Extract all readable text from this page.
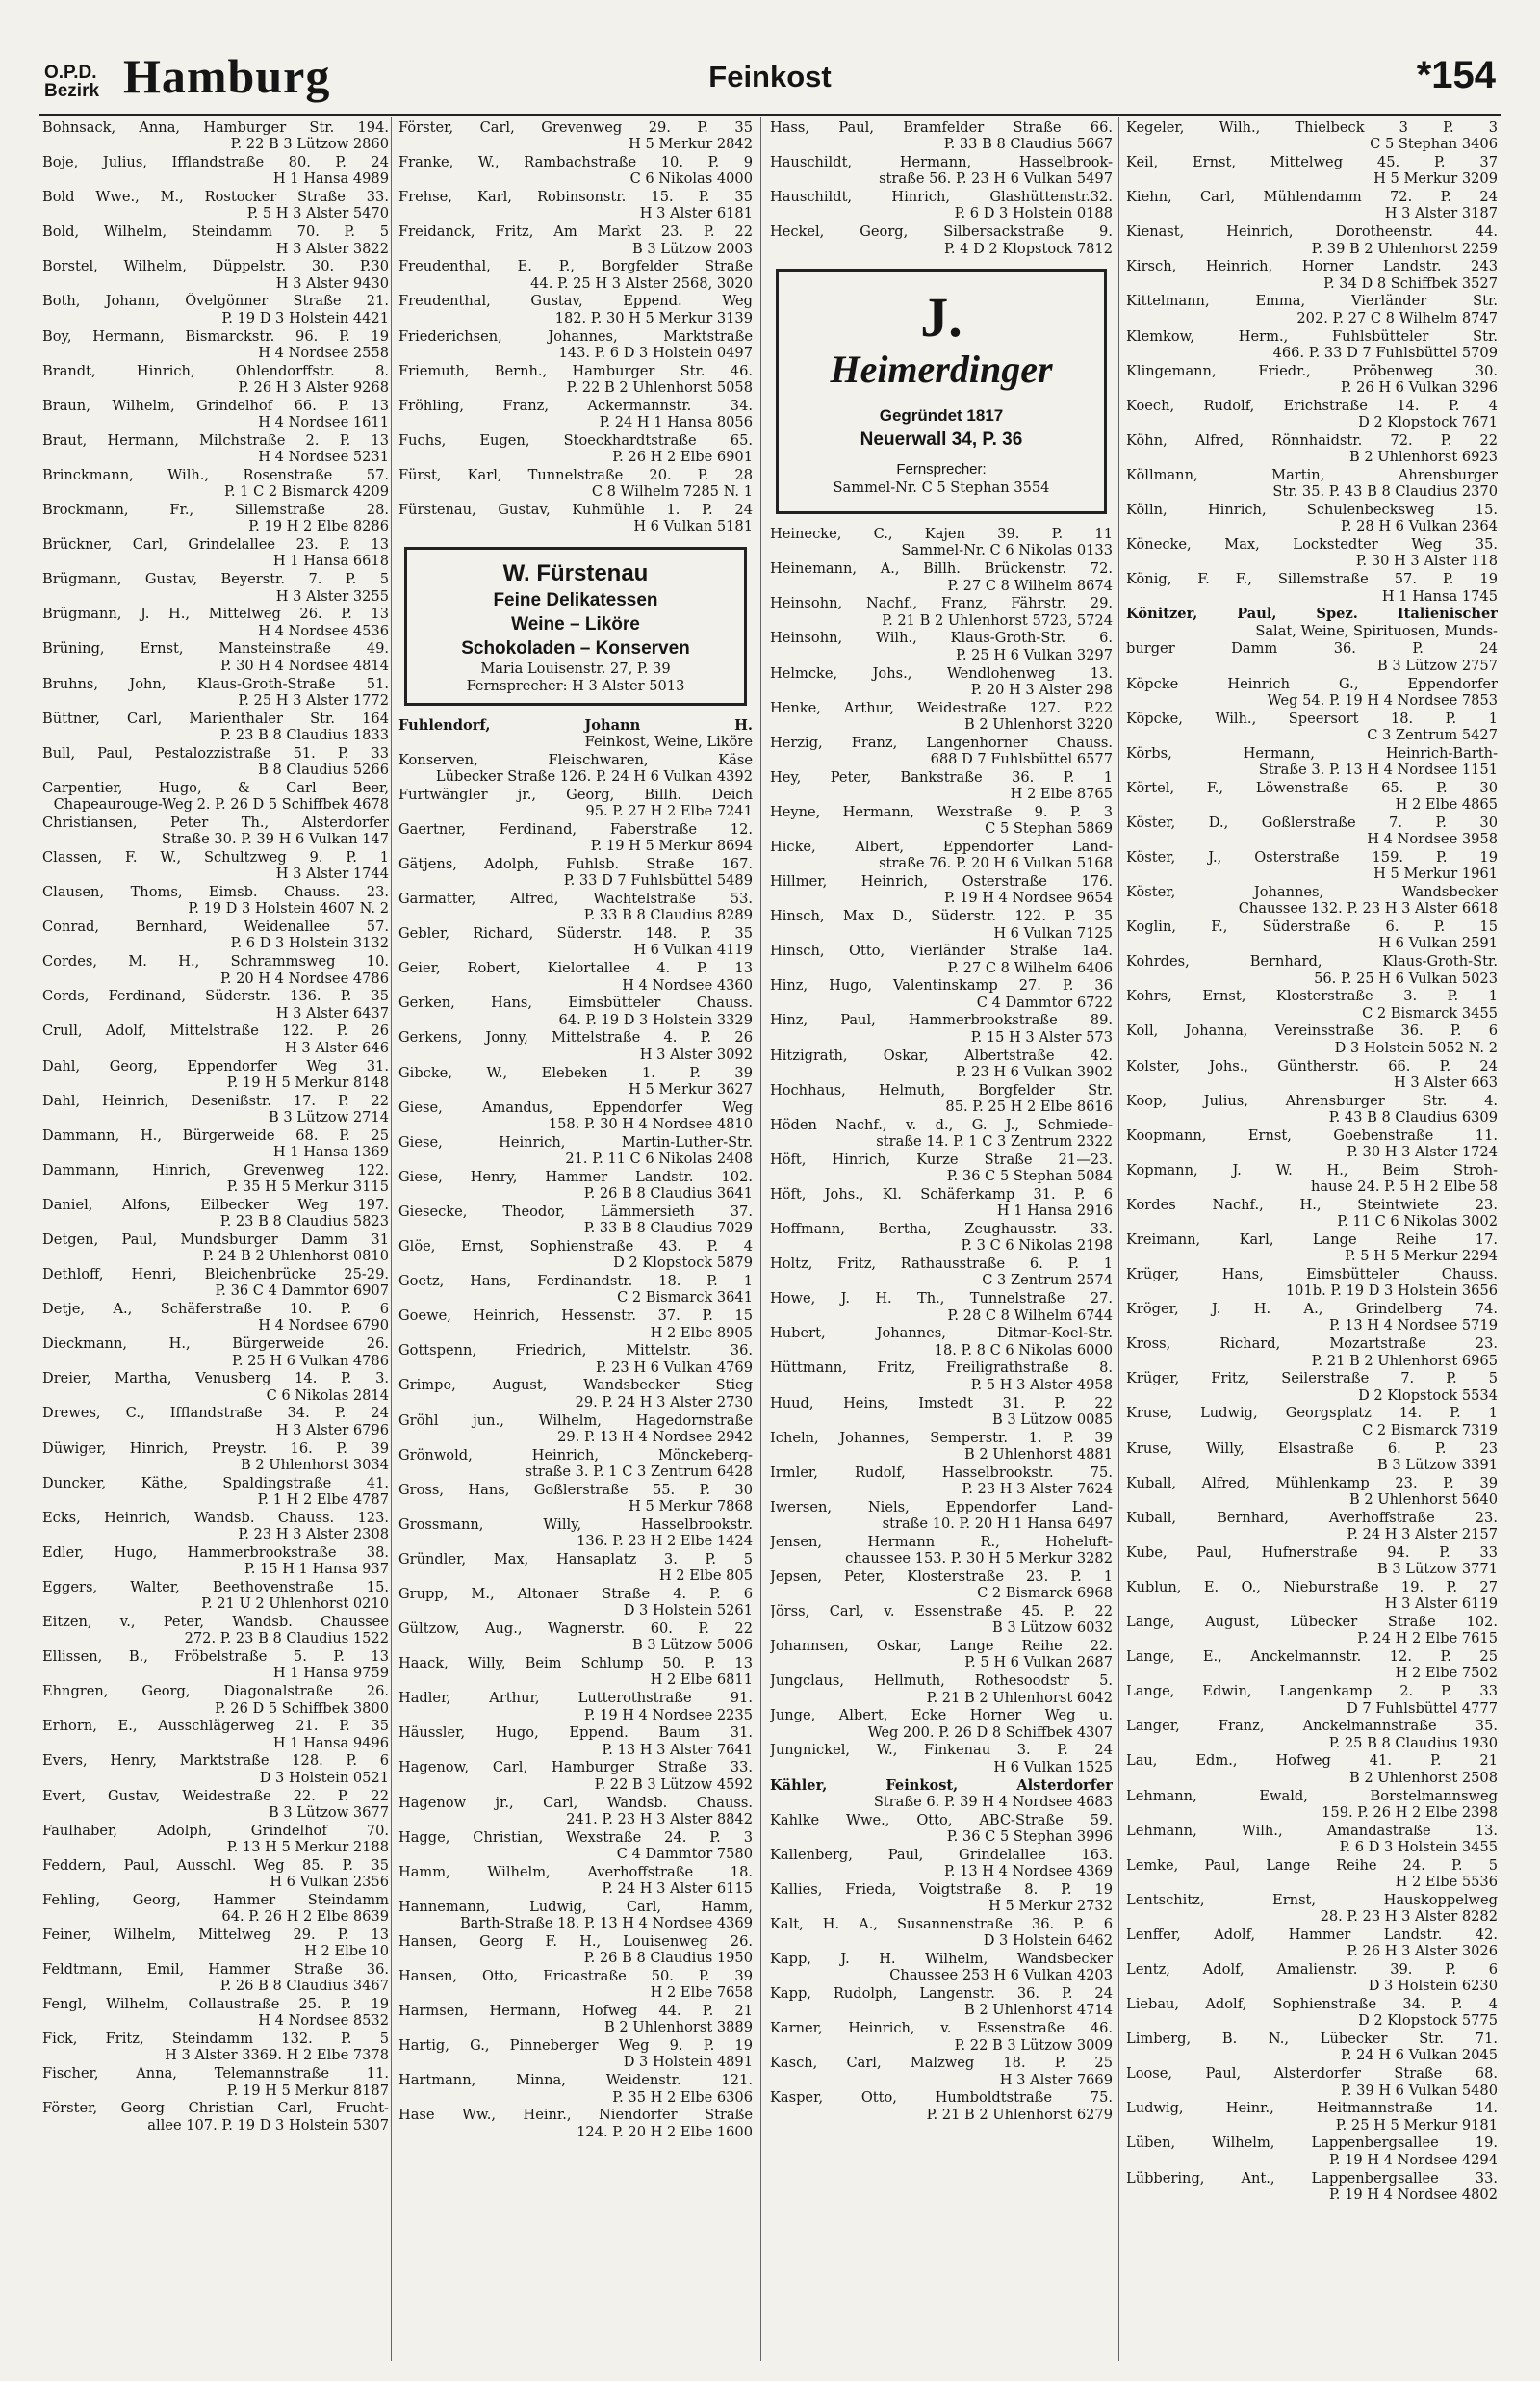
O.P.D.
Bezirk Hamburg	Feinkost	*154
Bohnsack, Anna, Hamburger Str. 194.
P. 22 B 3 Lützow 2860
Boje, Julius, Ifflandstraße 80. P. 24
H 1 Hansa 4989
Bold Wwe., M., Rostocker Straße 33.
P. 5 H 3 Alster 5470
Bold, Wilhelm, Steindamm 70. P. 5
H 3 Alster 3822
Borstel, Wilhelm, Düppelstr. 30. P.30
H 3 Alster 9430
Both, Johann, Övelgönner Straße 21.
P. 19 D 3 Holstein 4421
Boy, Hermann, Bismarckstr. 96. P. 19
H 4 Nordsee 2558
Brandt, Hinrich, Ohlendorffstr. 8.
P. 26 H 3 Alster 9268
Braun, Wilhelm, Grindelhof 66. P. 13
H 4 Nordsee 1611
Braut, Hermann, Milchstraße 2. P. 13
H 4 Nordsee 5231
Brinckmann, Wilh., Rosenstraße 57.
P. 1 C 2 Bismarck 4209
Brockmann, Fr., Sillemstraße 28.
P. 19 H 2 Elbe 8286
Brückner, Carl, Grindelallee 23. P. 13
H 1 Hansa 6618
Brügmann, Gustav, Beyerstr. 7. P. 5
H 3 Alster 3255
Brügmann, J. H., Mittelweg 26. P. 13
H 4 Nordsee 4536
Brüning, Ernst, Mansteinstraße 49.
P. 30 H 4 Nordsee 4814
Bruhns, John, Klaus-Groth-Straße 51.
P. 25 H 3 Alster 1772
Büttner, Carl, Marienthaler Str. 164
P. 23 B 8 Claudius 1833
Bull, Paul, Pestalozzistraße 51. P. 33
B 8 Claudius 5266
Carpentier, Hugo, & Carl Beer,
Chapeaurouge-Weg 2. P. 26 D 5 Schiffbek 4678
Christiansen, Peter Th., Alsterdorfer
Straße 30. P. 39 H 6 Vulkan 147
Classen, F. W., Schultzweg 9. P. 1
H 3 Alster 1744
Clausen, Thoms, Eimsb. Chauss. 23.
P. 19 D 3 Holstein 4607 N. 2
Conrad, Bernhard, Weidenallee 57.
P. 6 D 3 Holstein 3132
Cordes, M. H., Schrammsweg 10.
P. 20 H 4 Nordsee 4786
Cords, Ferdinand, Süderstr. 136. P. 35
H 3 Alster 6437
Crull, Adolf, Mittelstraße 122. P. 26
H 3 Alster 646
Dahl, Georg, Eppendorfer Weg 31.
P. 19 H 5 Merkur 8148
Dahl, Heinrich, Desenißstr. 17. P. 22
B 3 Lützow 2714
Dammann, H., Bürgerweide 68. P. 25
H 1 Hansa 1369
Dammann, Hinrich, Grevenweg 122.
P. 35 H 5 Merkur 3115
Daniel, Alfons, Eilbecker Weg 197.
P. 23 B 8 Claudius 5823
Detgen, Paul, Mundsburger Damm 31
P. 24 B 2 Uhlenhorst 0810
Dethloff, Henri, Bleichenbrücke 25-29.
P. 36 C 4 Dammtor 6907
Detje, A., Schäferstraße 10. P. 6
H 4 Nordsee 6790
Dieckmann, H., Bürgerweide 26.
P. 25 H 6 Vulkan 4786
Dreier, Martha, Venusberg 14. P. 3.
C 6 Nikolas 2814
Drewes, C., Ifflandstraße 34. P. 24
H 3 Alster 6796
Düwiger, Hinrich, Preystr. 16. P. 39
B 2 Uhlenhorst 3034
Duncker, Käthe, Spaldingstraße 41.
P. 1 H 2 Elbe 4787
Ecks, Heinrich, Wandsb. Chauss. 123.
P. 23 H 3 Alster 2308
Edler, Hugo, Hammerbrookstraße 38.
P. 15 H 1 Hansa 937
Eggers, Walter, Beethovenstraße 15.
P. 21 U 2 Uhlenhorst 0210
Eitzen, v., Peter, Wandsb. Chaussee
272. P. 23 B 8 Claudius 1522
Ellissen, B., Fröbelstraße 5. P. 13
H 1 Hansa 9759
Ehngren, Georg, Diagonalstraße 26.
P. 26 D 5 Schiffbek 3800
Erhorn, E., Ausschlägerweg 21. P. 35
H 1 Hansa 9496
Evers, Henry, Marktstraße 128. P. 6
D 3 Holstein 0521
Evert, Gustav, Weidestraße 22. P. 22
B 3 Lützow 3677
Faulhaber, Adolph, Grindelhof 70.
P. 13 H 5 Merkur 2188
Feddern, Paul, Ausschl. Weg 85. P. 35
H 6 Vulkan 2356
Fehling, Georg, Hammer Steindamm
64. P. 26 H 2 Elbe 8639
Feiner, Wilhelm, Mittelweg 29. P. 13
H 2 Elbe 10
Feldtmann, Emil, Hammer Straße 36.
P. 26 B 8 Claudius 3467
Fengl, Wilhelm, Collaustraße 25. P. 19
H 4 Nordsee 8532
Fick, Fritz, Steindamm 132. P. 5
H 3 Alster 3369. H 2 Elbe 7378
Fischer, Anna, Telemannstraße 11.
P. 19 H 5 Merkur 8187
Förster, Georg Christian Carl, Frucht-
allee 107. P. 19 D 3 Holstein 5307
Förster, Carl, Grevenweg 29. P. 35
H 5 Merkur 2842
Franke, W., Rambachstraße 10. P. 9
C 6 Nikolas 4000
Frehse, Karl, Robinsonstr. 15. P. 35
H 3 Alster 6181
Freidanck, Fritz, Am Markt 23. P. 22
B 3 Lützow 2003
Freudenthal, E. P., Borgfelder Straße
44. P. 25 H 3 Alster 2568, 3020
Freudenthal, Gustav, Eppend. Weg
182. P. 30 H 5 Merkur 3139
Friederichsen, Johannes, Marktstraße
143. P. 6 D 3 Holstein 0497
Friemuth, Bernh., Hamburger Str. 46.
P. 22 B 2 Uhlenhorst 5058
Fröhling, Franz, Ackermannstr. 34.
P. 24 H 1 Hansa 8056
Fuchs, Eugen, Stoeckhardtstraße 65.
P. 26 H 2 Elbe 6901
Fürst, Karl, Tunnelstraße 20. P. 28
C 8 Wilhelm 7285 N. 1
Fürstenau, Gustav, Kuhmühle 1. P. 24
H 6 Vulkan 5181
W. Fürstenau
Feine Delikatessen
Weine – Liköre
Schokoladen – Konserven
Maria Louisenstr. 27, P. 39
Fernsprecher: H 3 Alster 5013
Fuhlendorf, Johann H.
Feinkost, Weine, Liköre
Konserven, Fleischwaren, Käse
Lübecker Straße 126. P. 24 H 6 Vulkan 4392
Furtwängler jr., Georg, Billh. Deich
95. P. 27 H 2 Elbe 7241
Gaertner, Ferdinand, Faberstraße 12.
P. 19 H 5 Merkur 8694
Gätjens, Adolph, Fuhlsb. Straße 167.
P. 33 D 7 Fuhlsbüttel 5489
Garmatter, Alfred, Wachtelstraße 53.
P. 33 B 8 Claudius 8289
Gebler, Richard, Süderstr. 148. P. 35
H 6 Vulkan 4119
Geier, Robert, Kielortallee 4. P. 13
H 4 Nordsee 4360
Gerken, Hans, Eimsbütteler Chauss.
64. P. 19 D 3 Holstein 3329
Gerkens, Jonny, Mittelstraße 4. P. 26
H 3 Alster 3092
Gibcke, W., Elebeken 1. P. 39
H 5 Merkur 3627
Giese, Amandus, Eppendorfer Weg
158. P. 30 H 4 Nordsee 4810
Giese, Heinrich, Martin-Luther-Str.
21. P. 11 C 6 Nikolas 2408
Giese, Henry, Hammer Landstr. 102.
P. 26 B 8 Claudius 3641
Giesecke, Theodor, Lämmersieth 37.
P. 33 B 8 Claudius 7029
Glöe, Ernst, Sophienstraße 43. P. 4
D 2 Klopstock 5879
Goetz, Hans, Ferdinandstr. 18. P. 1
C 2 Bismarck 3641
Goewe, Heinrich, Hessenstr. 37. P. 15
H 2 Elbe 8905
Gottspenn, Friedrich, Mittelstr. 36.
P. 23 H 6 Vulkan 4769
Grimpe, August, Wandsbecker Stieg
29. P. 24 H 3 Alster 2730
Gröhl jun., Wilhelm, Hagedornstraße
29. P. 13 H 4 Nordsee 2942
Grönwold, Heinrich, Mönckeberg-
straße 3. P. 1 C 3 Zentrum 6428
Gross, Hans, Goßlerstraße 55. P. 30
H 5 Merkur 7868
Grossmann, Willy, Hasselbrookstr.
136. P. 23 H 2 Elbe 1424
Gründler, Max, Hansaplatz 3. P. 5
H 2 Elbe 805
Grupp, M., Altonaer Straße 4. P. 6
D 3 Holstein 5261
Gültzow, Aug., Wagnerstr. 60. P. 22
B 3 Lützow 5006
Haack, Willy, Beim Schlump 50. P. 13
H 2 Elbe 6811
Hadler, Arthur, Lutterothstraße 91.
P. 19 H 4 Nordsee 2235
Häussler, Hugo, Eppend. Baum 31.
P. 13 H 3 Alster 7641
Hagenow, Carl, Hamburger Straße 33.
P. 22 B 3 Lützow 4592
Hagenow jr., Carl, Wandsb. Chauss.
241. P. 23 H 3 Alster 8842
Hagge, Christian, Wexstraße 24. P. 3
C 4 Dammtor 7580
Hamm, Wilhelm, Averhoffstraße 18.
P. 24 H 3 Alster 6115
Hannemann, Ludwig, Carl, Hamm,
Barth-Straße 18. P. 13 H 4 Nordsee 4369
Hansen, Georg F. H., Louisenweg 26.
P. 26 B 8 Claudius 1950
Hansen, Otto, Ericastraße 50. P. 39
H 2 Elbe 7658
Harmsen, Hermann, Hofweg 44. P. 21
B 2 Uhlenhorst 3889
Hartig, G., Pinneberger Weg 9. P. 19
D 3 Holstein 4891
Hartmann, Minna, Weidenstr. 121.
P. 35 H 2 Elbe 6306
Hase Ww., Heinr., Niendorfer Straße
124. P. 20 H 2 Elbe 1600
Hass, Paul, Bramfelder Straße 66.
P. 33 B 8 Claudius 5667
Hauschildt, Hermann, Hasselbrook-
straße 56. P. 23 H 6 Vulkan 5497
Hauschildt, Hinrich, Glashüttenstr.32.
P. 6 D 3 Holstein 0188
Heckel, Georg, Silbersackstraße 9.
P. 4 D 2 Klopstock 7812
J.
Heimerdinger
Gegründet 1817
Neuerwall 34, P. 36
Fernsprecher:
Sammel-Nr. C 5 Stephan 3554
Heinecke, C., Kajen 39. P. 11
Sammel-Nr. C 6 Nikolas 0133
Heinemann, A., Billh. Brückenstr. 72.
P. 27 C 8 Wilhelm 8674
Heinsohn, Nachf., Franz, Fährstr. 29.
P. 21 B 2 Uhlenhorst 5723, 5724
Heinsohn, Wilh., Klaus-Groth-Str. 6.
P. 25 H 6 Vulkan 3297
Helmcke, Johs., Wendlohenweg 13.
P. 20 H 3 Alster 298
Henke, Arthur, Weidestraße 127. P.22
B 2 Uhlenhorst 3220
Herzig, Franz, Langenhorner Chauss.
688 D 7 Fuhlsbüttel 6577
Hey, Peter, Bankstraße 36. P. 1
H 2 Elbe 8765
Heyne, Hermann, Wexstraße 9. P. 3
C 5 Stephan 5869
Hicke, Albert, Eppendorfer Land-
straße 76. P. 20 H 6 Vulkan 5168
Hillmer, Heinrich, Osterstraße 176.
P. 19 H 4 Nordsee 9654
Hinsch, Max D., Süderstr. 122. P. 35
H 6 Vulkan 7125
Hinsch, Otto, Vierländer Straße 1a4.
P. 27 C 8 Wilhelm 6406
Hinz, Hugo, Valentinskamp 27. P. 36
C 4 Dammtor 6722
Hinz, Paul, Hammerbrookstraße 89.
P. 15 H 3 Alster 573
Hitzigrath, Oskar, Albertstraße 42.
P. 23 H 6 Vulkan 3902
Hochhaus, Helmuth, Borgfelder Str.
85. P. 25 H 2 Elbe 8616
Höden Nachf., v. d., G. J., Schmiede-
straße 14. P. 1 C 3 Zentrum 2322
Höft, Hinrich, Kurze Straße 21—23.
P. 36 C 5 Stephan 5084
Höft, Johs., Kl. Schäferkamp 31. P. 6
H 1 Hansa 2916
Hoffmann, Bertha, Zeughausstr. 33.
P. 3 C 6 Nikolas 2198
Holtz, Fritz, Rathausstraße 6. P. 1
C 3 Zentrum 2574
Howe, J. H. Th., Tunnelstraße 27.
P. 28 C 8 Wilhelm 6744
Hubert, Johannes, Ditmar-Koel-Str.
18. P. 8 C 6 Nikolas 6000
Hüttmann, Fritz, Freiligrathstraße 8.
P. 5 H 3 Alster 4958
Huud, Heins, Imstedt 31. P. 22
B 3 Lützow 0085
Icheln, Johannes, Semperstr. 1. P. 39
B 2 Uhlenhorst 4881
Irmler, Rudolf, Hasselbrookstr. 75.
P. 23 H 3 Alster 7624
Iwersen, Niels, Eppendorfer Land-
straße 10. P. 20 H 1 Hansa 6497
Jensen, Hermann R., Hoheluft-
chaussee 153. P. 30 H 5 Merkur 3282
Jepsen, Peter, Klosterstraße 23. P. 1
C 2 Bismarck 6968
Jörss, Carl, v. Essenstraße 45. P. 22
B 3 Lützow 6032
Johannsen, Oskar, Lange Reihe 22.
P. 5 H 6 Vulkan 2687
Jungclaus, Hellmuth, Rothesoodstr 5.
P. 21 B 2 Uhlenhorst 6042
Junge, Albert, Ecke Horner Weg u.
Weg 200. P. 26 D 8 Schiffbek 4307
Jungnickel, W., Finkenau 3. P. 24
H 6 Vulkan 1525
Kähler, Feinkost, Alsterdorfer
Straße 6. P. 39 H 4 Nordsee 4683
Kahlke Wwe., Otto, ABC-Straße 59.
P. 36 C 5 Stephan 3996
Kallenberg, Paul, Grindelallee 163.
P. 13 H 4 Nordsee 4369
Kallies, Frieda, Voigtstraße 8. P. 19
H 5 Merkur 2732
Kalt, H. A., Susannenstraße 36. P. 6
D 3 Holstein 6462
Kapp, J. H. Wilhelm, Wandsbecker
Chaussee 253 H 6 Vulkan 4203
Kapp, Rudolph, Langenstr. 36. P. 24
B 2 Uhlenhorst 4714
Karner, Heinrich, v. Essenstraße 46.
P. 22 B 3 Lützow 3009
Kasch, Carl, Malzweg 18. P. 25
H 3 Alster 7669
Kasper, Otto, Humboldtstraße 75.
P. 21 B 2 Uhlenhorst 6279
Kegeler, Wilh., Thielbeck 3 P. 3
C 5 Stephan 3406
Keil, Ernst, Mittelweg 45. P. 37
H 5 Merkur 3209
Kiehn, Carl, Mühlendamm 72. P. 24
H 3 Alster 3187
Kienast, Heinrich, Dorotheenstr. 44.
P. 39 B 2 Uhlenhorst 2259
Kirsch, Heinrich, Horner Landstr. 243
P. 34 D 8 Schiffbek 3527
Kittelmann, Emma, Vierländer Str.
202. P. 27 C 8 Wilhelm 8747
Klemkow, Herm., Fuhlsbütteler Str.
466. P. 33 D 7 Fuhlsbüttel 5709
Klingemann, Friedr., Pröbenweg 30.
P. 26 H 6 Vulkan 3296
Koech, Rudolf, Erichstraße 14. P. 4
D 2 Klopstock 7671
Köhn, Alfred, Rönnhaidstr. 72. P. 22
B 2 Uhlenhorst 6923
Köllmann, Martin, Ahrensburger
Str. 35. P. 43 B 8 Claudius 2370
Kölln, Hinrich, Schulenbecksweg 15.
P. 28 H 6 Vulkan 2364
Könecke, Max, Lockstedter Weg 35.
P. 30 H 3 Alster 118
König, F. F., Sillemstraße 57. P. 19
H 1 Hansa 1745
Könitzer, Paul, Spez. Italienischer
Salat, Weine, Spirituosen, Munds-
burger Damm 36. P. 24
B 3 Lützow 2757
Köpcke Heinrich G., Eppendorfer
Weg 54. P. 19 H 4 Nordsee 7853
Köpcke, Wilh., Speersort 18. P. 1
C 3 Zentrum 5427
Körbs, Hermann, Heinrich-Barth-
Straße 3. P. 13 H 4 Nordsee 1151
Körtel, F., Löwenstraße 65. P. 30
H 2 Elbe 4865
Köster, D., Goßlerstraße 7. P. 30
H 4 Nordsee 3958
Köster, J., Osterstraße 159. P. 19
H 5 Merkur 1961
Köster, Johannes, Wandsbecker
Chaussee 132. P. 23 H 3 Alster 6618
Koglin, F., Süderstraße 6. P. 15
H 6 Vulkan 2591
Kohrdes, Bernhard, Klaus-Groth-Str.
56. P. 25 H 6 Vulkan 5023
Kohrs, Ernst, Klosterstraße 3. P. 1
C 2 Bismarck 3455
Koll, Johanna, Vereinsstraße 36. P. 6
D 3 Holstein 5052 N. 2
Kolster, Johs., Güntherstr. 66. P. 24
H 3 Alster 663
Koop, Julius, Ahrensburger Str. 4.
P. 43 B 8 Claudius 6309
Koopmann, Ernst, Goebenstraße 11.
P. 30 H 3 Alster 1724
Kopmann, J. W. H., Beim Stroh-
hause 24. P. 5 H 2 Elbe 58
Kordes Nachf., H., Steintwiete 23.
P. 11 C 6 Nikolas 3002
Kreimann, Karl, Lange Reihe 17.
P. 5 H 5 Merkur 2294
Krüger, Hans, Eimsbütteler Chauss.
101b. P. 19 D 3 Holstein 3656
Kröger, J. H. A., Grindelberg 74.
P. 13 H 4 Nordsee 5719
Kross, Richard, Mozartstraße 23.
P. 21 B 2 Uhlenhorst 6965
Krüger, Fritz, Seilerstraße 7. P. 5
D 2 Klopstock 5534
Kruse, Ludwig, Georgsplatz 14. P. 1
C 2 Bismarck 7319
Kruse, Willy, Elsastraße 6. P. 23
B 3 Lützow 3391
Kuball, Alfred, Mühlenkamp 23. P. 39
B 2 Uhlenhorst 5640
Kuball, Bernhard, Averhoffstraße 23.
P. 24 H 3 Alster 2157
Kube, Paul, Hufnerstraße 94. P. 33
B 3 Lützow 3771
Kublun, E. O., Nieburstraße 19. P. 27
H 3 Alster 6119
Lange, August, Lübecker Straße 102.
P. 24 H 2 Elbe 7615
Lange, E., Anckelmannstr. 12. P. 25
H 2 Elbe 7502
Lange, Edwin, Langenkamp 2. P. 33
D 7 Fuhlsbüttel 4777
Langer, Franz, Anckelmannstraße 35.
P. 25 B 8 Claudius 1930
Lau, Edm., Hofweg 41. P. 21
B 2 Uhlenhorst 2508
Lehmann, Ewald, Borstelmannsweg
159. P. 26 H 2 Elbe 2398
Lehmann, Wilh., Amandastraße 13.
P. 6 D 3 Holstein 3455
Lemke, Paul, Lange Reihe 24. P. 5
H 2 Elbe 5536
Lentschitz, Ernst, Hauskoppelweg
28. P. 23 H 3 Alster 8282
Lenffer, Adolf, Hammer Landstr. 42.
P. 26 H 3 Alster 3026
Lentz, Adolf, Amalienstr. 39. P. 6
D 3 Holstein 6230
Liebau, Adolf, Sophienstraße 34. P. 4
D 2 Klopstock 5775
Limberg, B. N., Lübecker Str. 71.
P. 24 H 6 Vulkan 2045
Loose, Paul, Alsterdorfer Straße 68.
P. 39 H 6 Vulkan 5480
Ludwig, Heinr., Heitmannstraße 14.
P. 25 H 5 Merkur 9181
Lüben, Wilhelm, Lappenbergsallee 19.
P. 19 H 4 Nordsee 4294
Lübbering, Ant., Lappenbergsallee 33.
P. 19 H 4 Nordsee 4802
